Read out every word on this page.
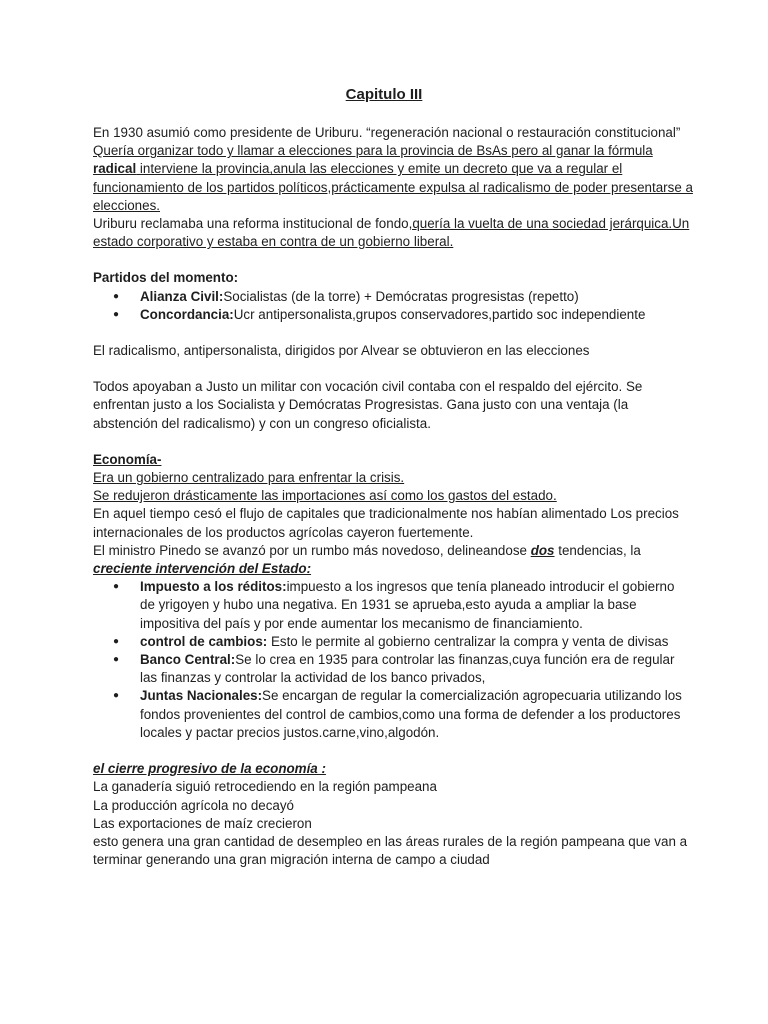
Capitulo III

En 1930 asumió como presidente de Uriburu. “regeneración nacional o restauración constitucional”

Quería organizar todo y llamar a elecciones para la provincia de BsAs pero al ganar la fórmula radical interviene la provincia,anula las elecciones y emite un decreto que va a regular el funcionamiento de los partidos políticos,prácticamente expulsa al radicalismo de poder presentarse a elecciones.

Uriburu reclamaba una reforma institucional de fondo,quería la vuelta de una sociedad jerárquica.Un estado corporativo y estaba en contra de un gobierno liberal.

Partidos del momento:

● Alianza Civil:Socialistas (de la torre) + Demócratas progresistas (repetto)
● Concordancia:Ucr antipersonalista,grupos conservadores,partido soc independiente

El radicalismo, antipersonalista, dirigidos por Alvear se obtuvieron en las elecciones

Todos apoyaban a Justo un militar con vocación civil contaba con el respaldo del ejército. Se enfrentan justo a los Socialista y Demócratas Progresistas. Gana justo con una ventaja (la abstención del radicalismo) y con un congreso oficialista.

Economía-

Era un gobierno centralizado para enfrentar la crisis.

Se redujeron drásticamente las importaciones así como los gastos del estado.

En aquel tiempo cesó el flujo de capitales que tradicionalmente nos habían alimentado Los precios internacionales de los productos agrícolas cayeron fuertemente.

El ministro Pinedo se avanzó por un rumbo más novedoso, delineandose dos tendencias, la creciente intervención del Estado:

● Impuesto a los réditos:impuesto a los ingresos que tenía planeado introducir el gobierno de yrigoyen y hubo una negativa. En 1931 se aprueba,esto ayuda a ampliar la base impositiva del país y por ende aumentar los mecanismo de financiamiento.
● control de cambios: Esto le permite al gobierno centralizar la compra y venta de divisas
● Banco Central:Se lo crea en 1935 para controlar las finanzas,cuya función era de regular las finanzas y controlar la actividad de los banco privados,
● Juntas Nacionales:Se encargan de regular la comercialización agropecuaria utilizando los fondos provenientes del control de cambios,como una forma de defender a los productores locales y pactar precios justos.carne,vino,algodón.

el cierre progresivo de la economía :

La ganadería siguió retrocediendo en la región pampeana

La producción agrícola no decayó

Las exportaciones de maíz crecieron

esto genera una gran cantidad de desempleo en las áreas rurales de la región pampeana que van a terminar generando una gran migración interna de campo a ciudad
